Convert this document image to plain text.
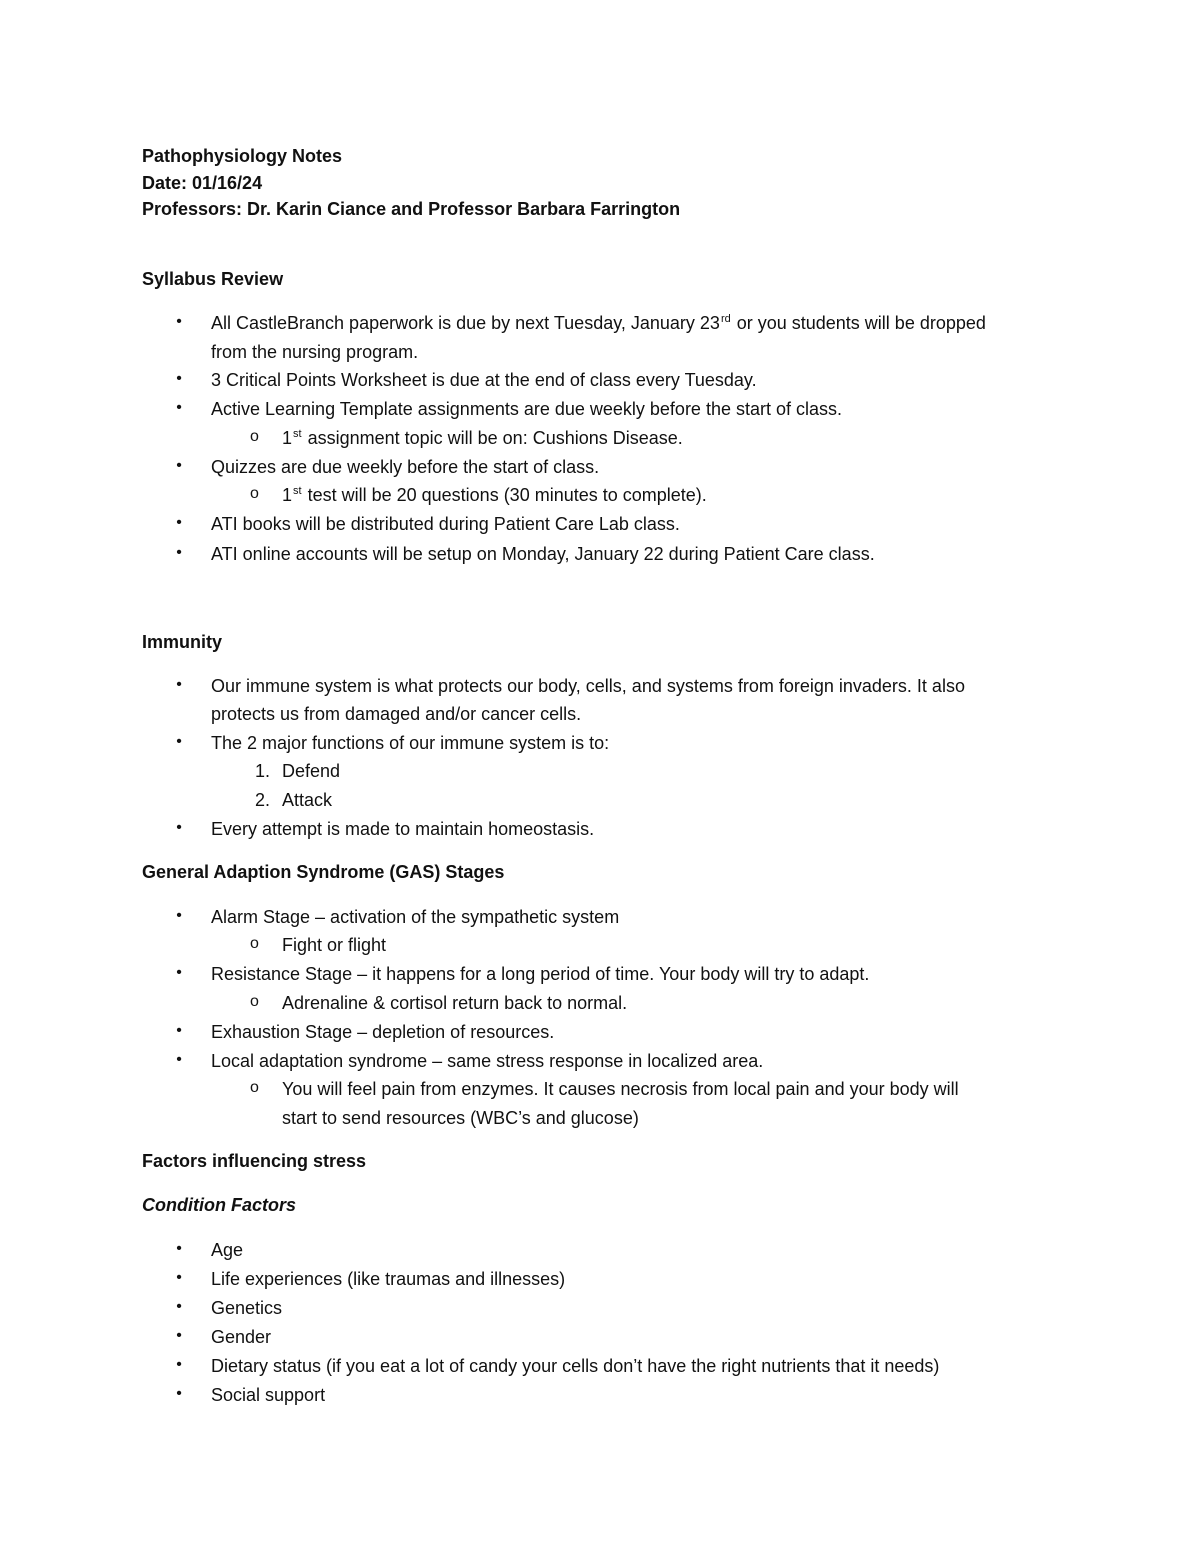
Pathophysiology Notes

Date: 01/16/24

Professors: Dr. Karin Ciance and Professor Barbara Farrington

Syllabus Review

• All CastleBranch paperwork is due by next Tuesday, January 23rd or you students will be dropped
from the nursing program.
• 3 Critical Points Worksheet is due at the end of class every Tuesday.
• Active Learning Template assignments are due weekly before the start of class.
o 1st assignment topic will be on: Cushions Disease.
• Quizzes are due weekly before the start of class.
o 1st test will be 20 questions (30 minutes to complete).
• ATI books will be distributed during Patient Care Lab class.
• ATI online accounts will be setup on Monday, January 22 during Patient Care class.

Immunity

• Our immune system is what protects our body, cells, and systems from foreign invaders. It also
protects us from damaged and/or cancer cells.
• The 2 major functions of our immune system is to:
1. Defend
2. Attack
• Every attempt is made to maintain homeostasis.

General Adaption Syndrome (GAS) Stages

• Alarm Stage – activation of the sympathetic system
o Fight or flight
• Resistance Stage – it happens for a long period of time. Your body will try to adapt.
o Adrenaline & cortisol return back to normal.
• Exhaustion Stage – depletion of resources.
• Local adaptation syndrome – same stress response in localized area.
o You will feel pain from enzymes. It causes necrosis from local pain and your body will
start to send resources (WBC’s and glucose)

Factors influencing stress

Condition Factors

• Age
• Life experiences (like traumas and illnesses)
• Genetics
• Gender
• Dietary status (if you eat a lot of candy your cells don’t have the right nutrients that it needs)
• Social support
